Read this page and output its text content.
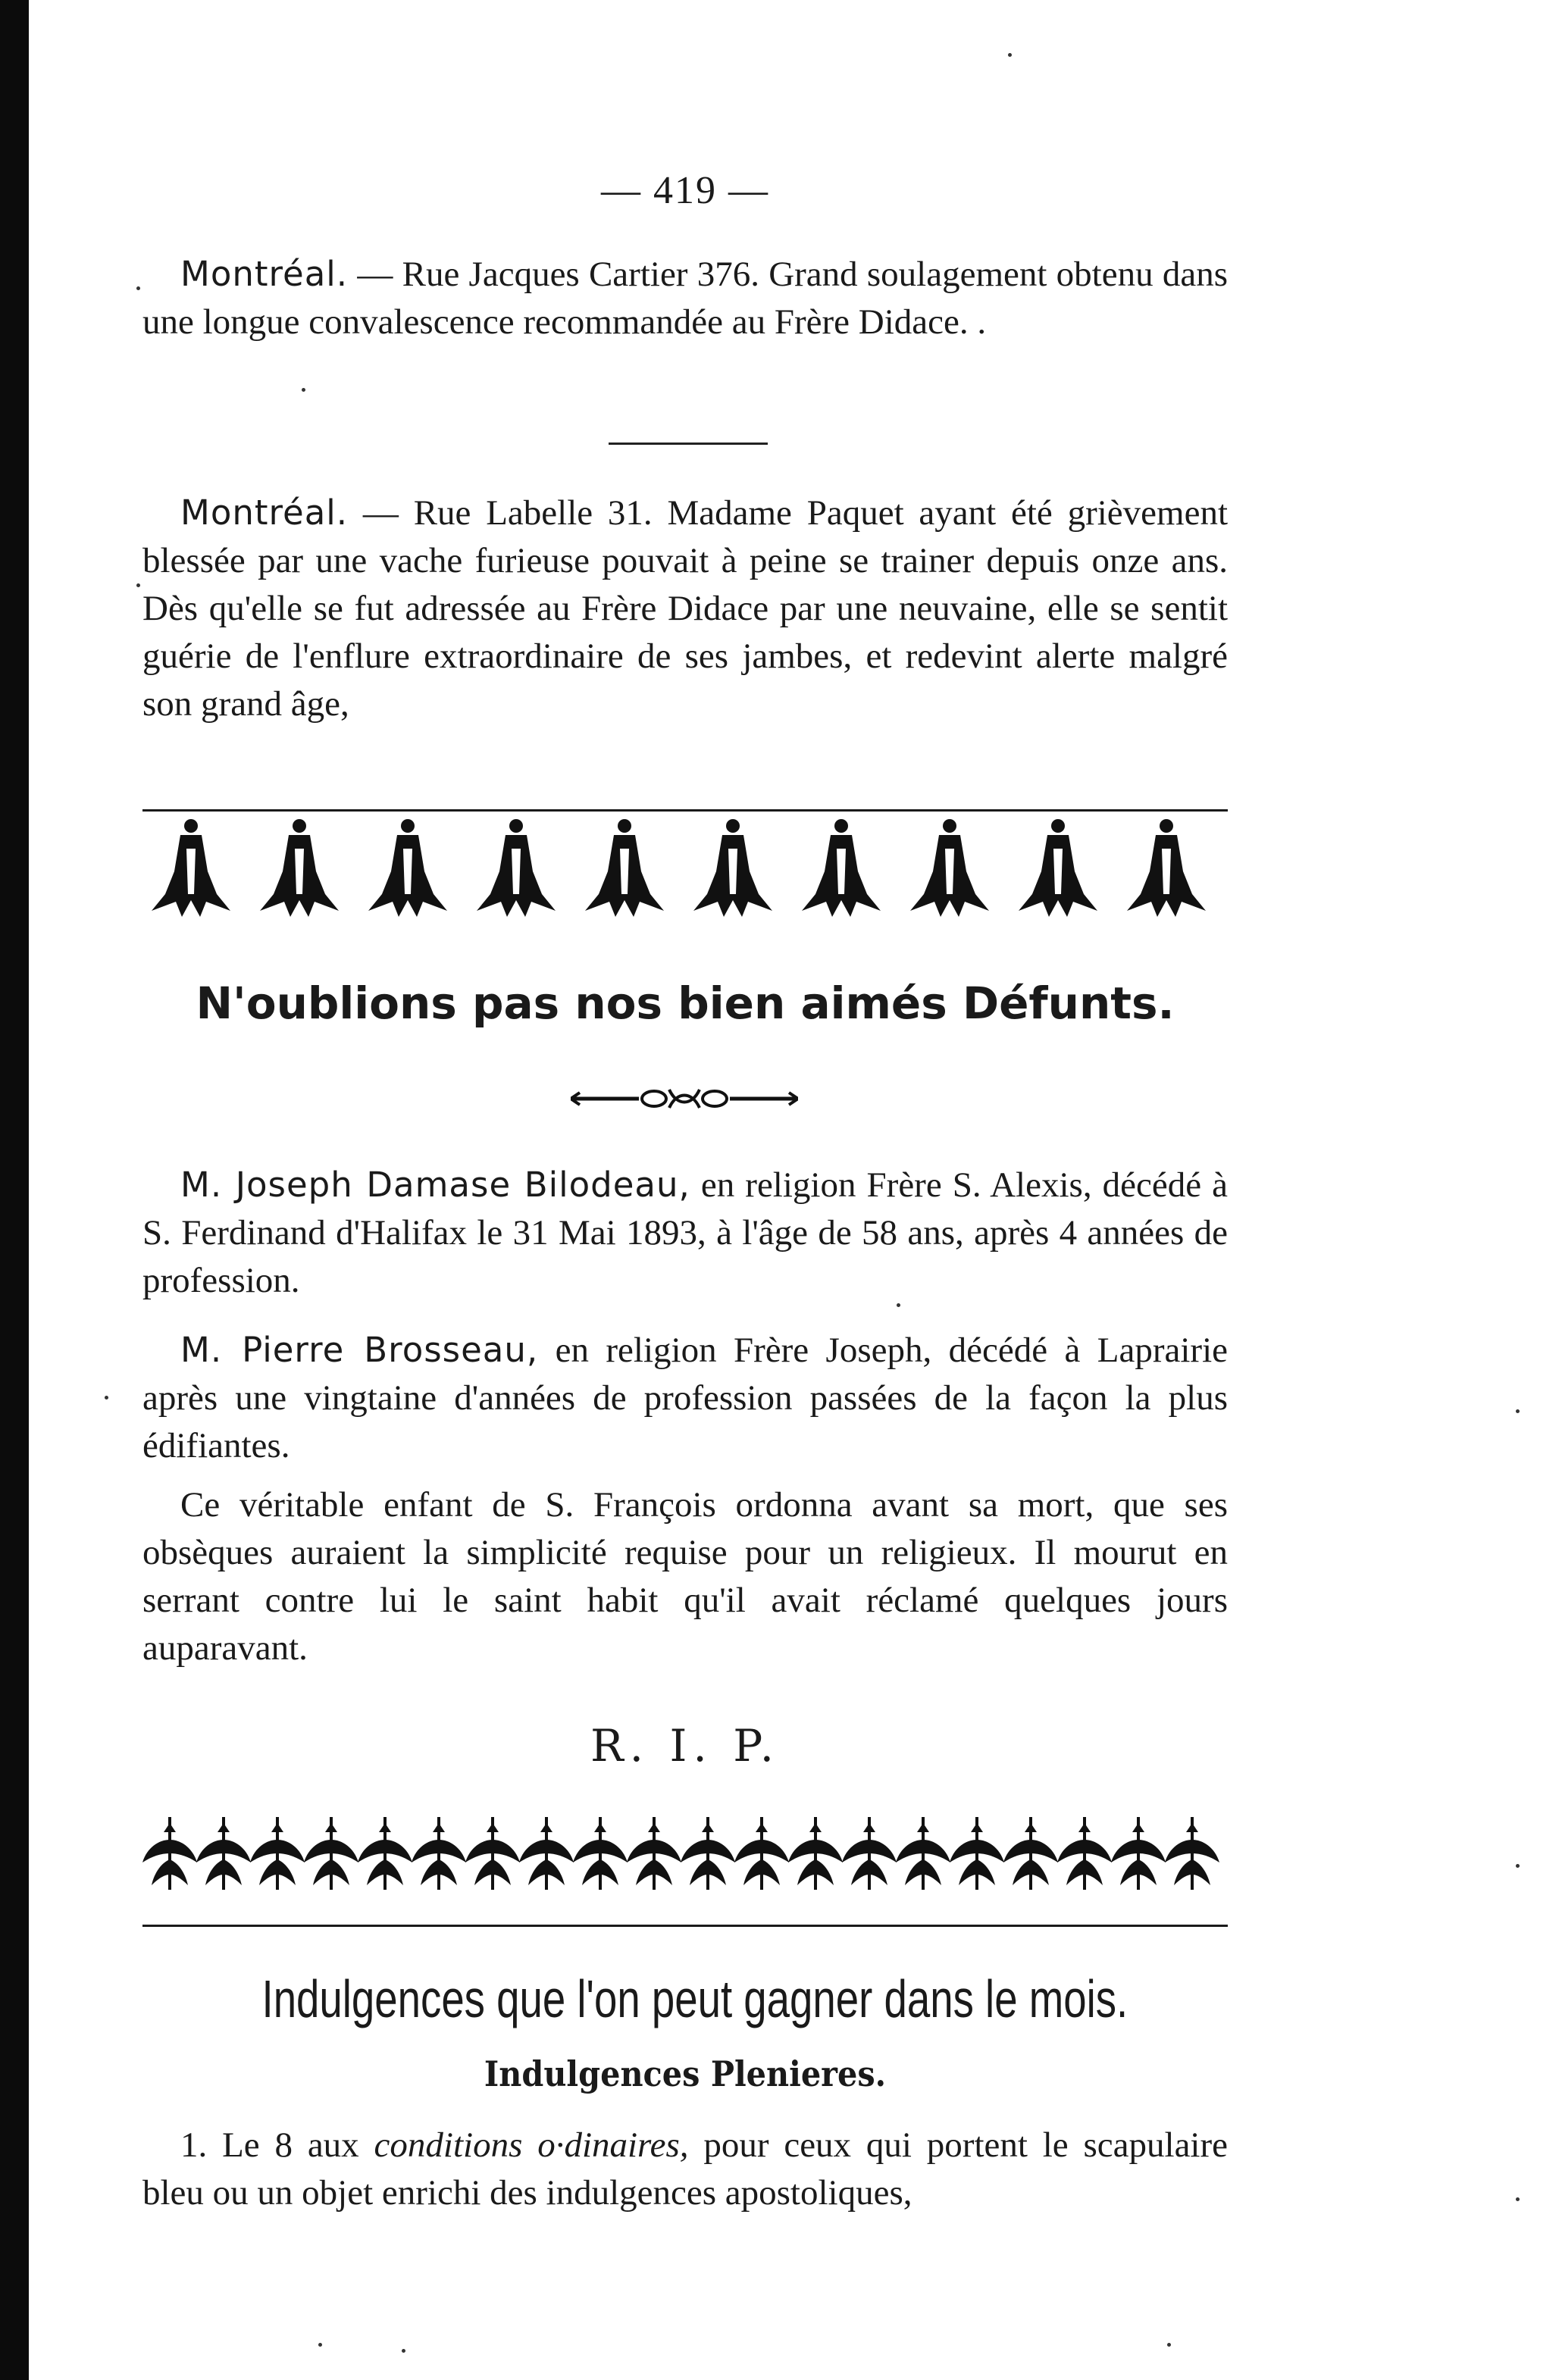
— 419 —

Montréal. — Rue Jacques Cartier 376. Grand soulagement obtenu dans une longue convalescence recommandée au Frère Didace. .

Montréal. — Rue Labelle 31. Madame Paquet ayant été grièvement blessée par une vache furieuse pouvait à peine se trainer depuis onze ans. Dès qu'elle se fut adressée au Frère Didace par une neuvaine, elle se sentit guérie de l'enflure extraordinaire de ses jambes, et redevint alerte malgré son grand âge,

N'oublions pas nos bien aimés Défunts.

M. Joseph Damase Bilodeau, en religion Frère S. Alexis, décédé à S. Ferdinand d'Halifax le 31 Mai 1893, à l'âge de 58 ans, après 4 années de profession.

M. Pierre Brosseau, en religion Frère Joseph, décédé à Laprairie après une vingtaine d'années de profession passées de la façon la plus édifiantes.

Ce véritable enfant de S. François ordonna avant sa mort, que ses obsèques auraient la simplicité requise pour un religieux. Il mourut en serrant contre lui le saint habit qu'il avait réclamé quelques jours auparavant.

R. I. P.
Indulgences que l'on peut gagner dans le mois.
Indulgences Plenieres.

1. Le 8 aux conditions o·dinaires, pour ceux qui portent le scapulaire bleu ou un objet enrichi des indulgences apostoliques,
